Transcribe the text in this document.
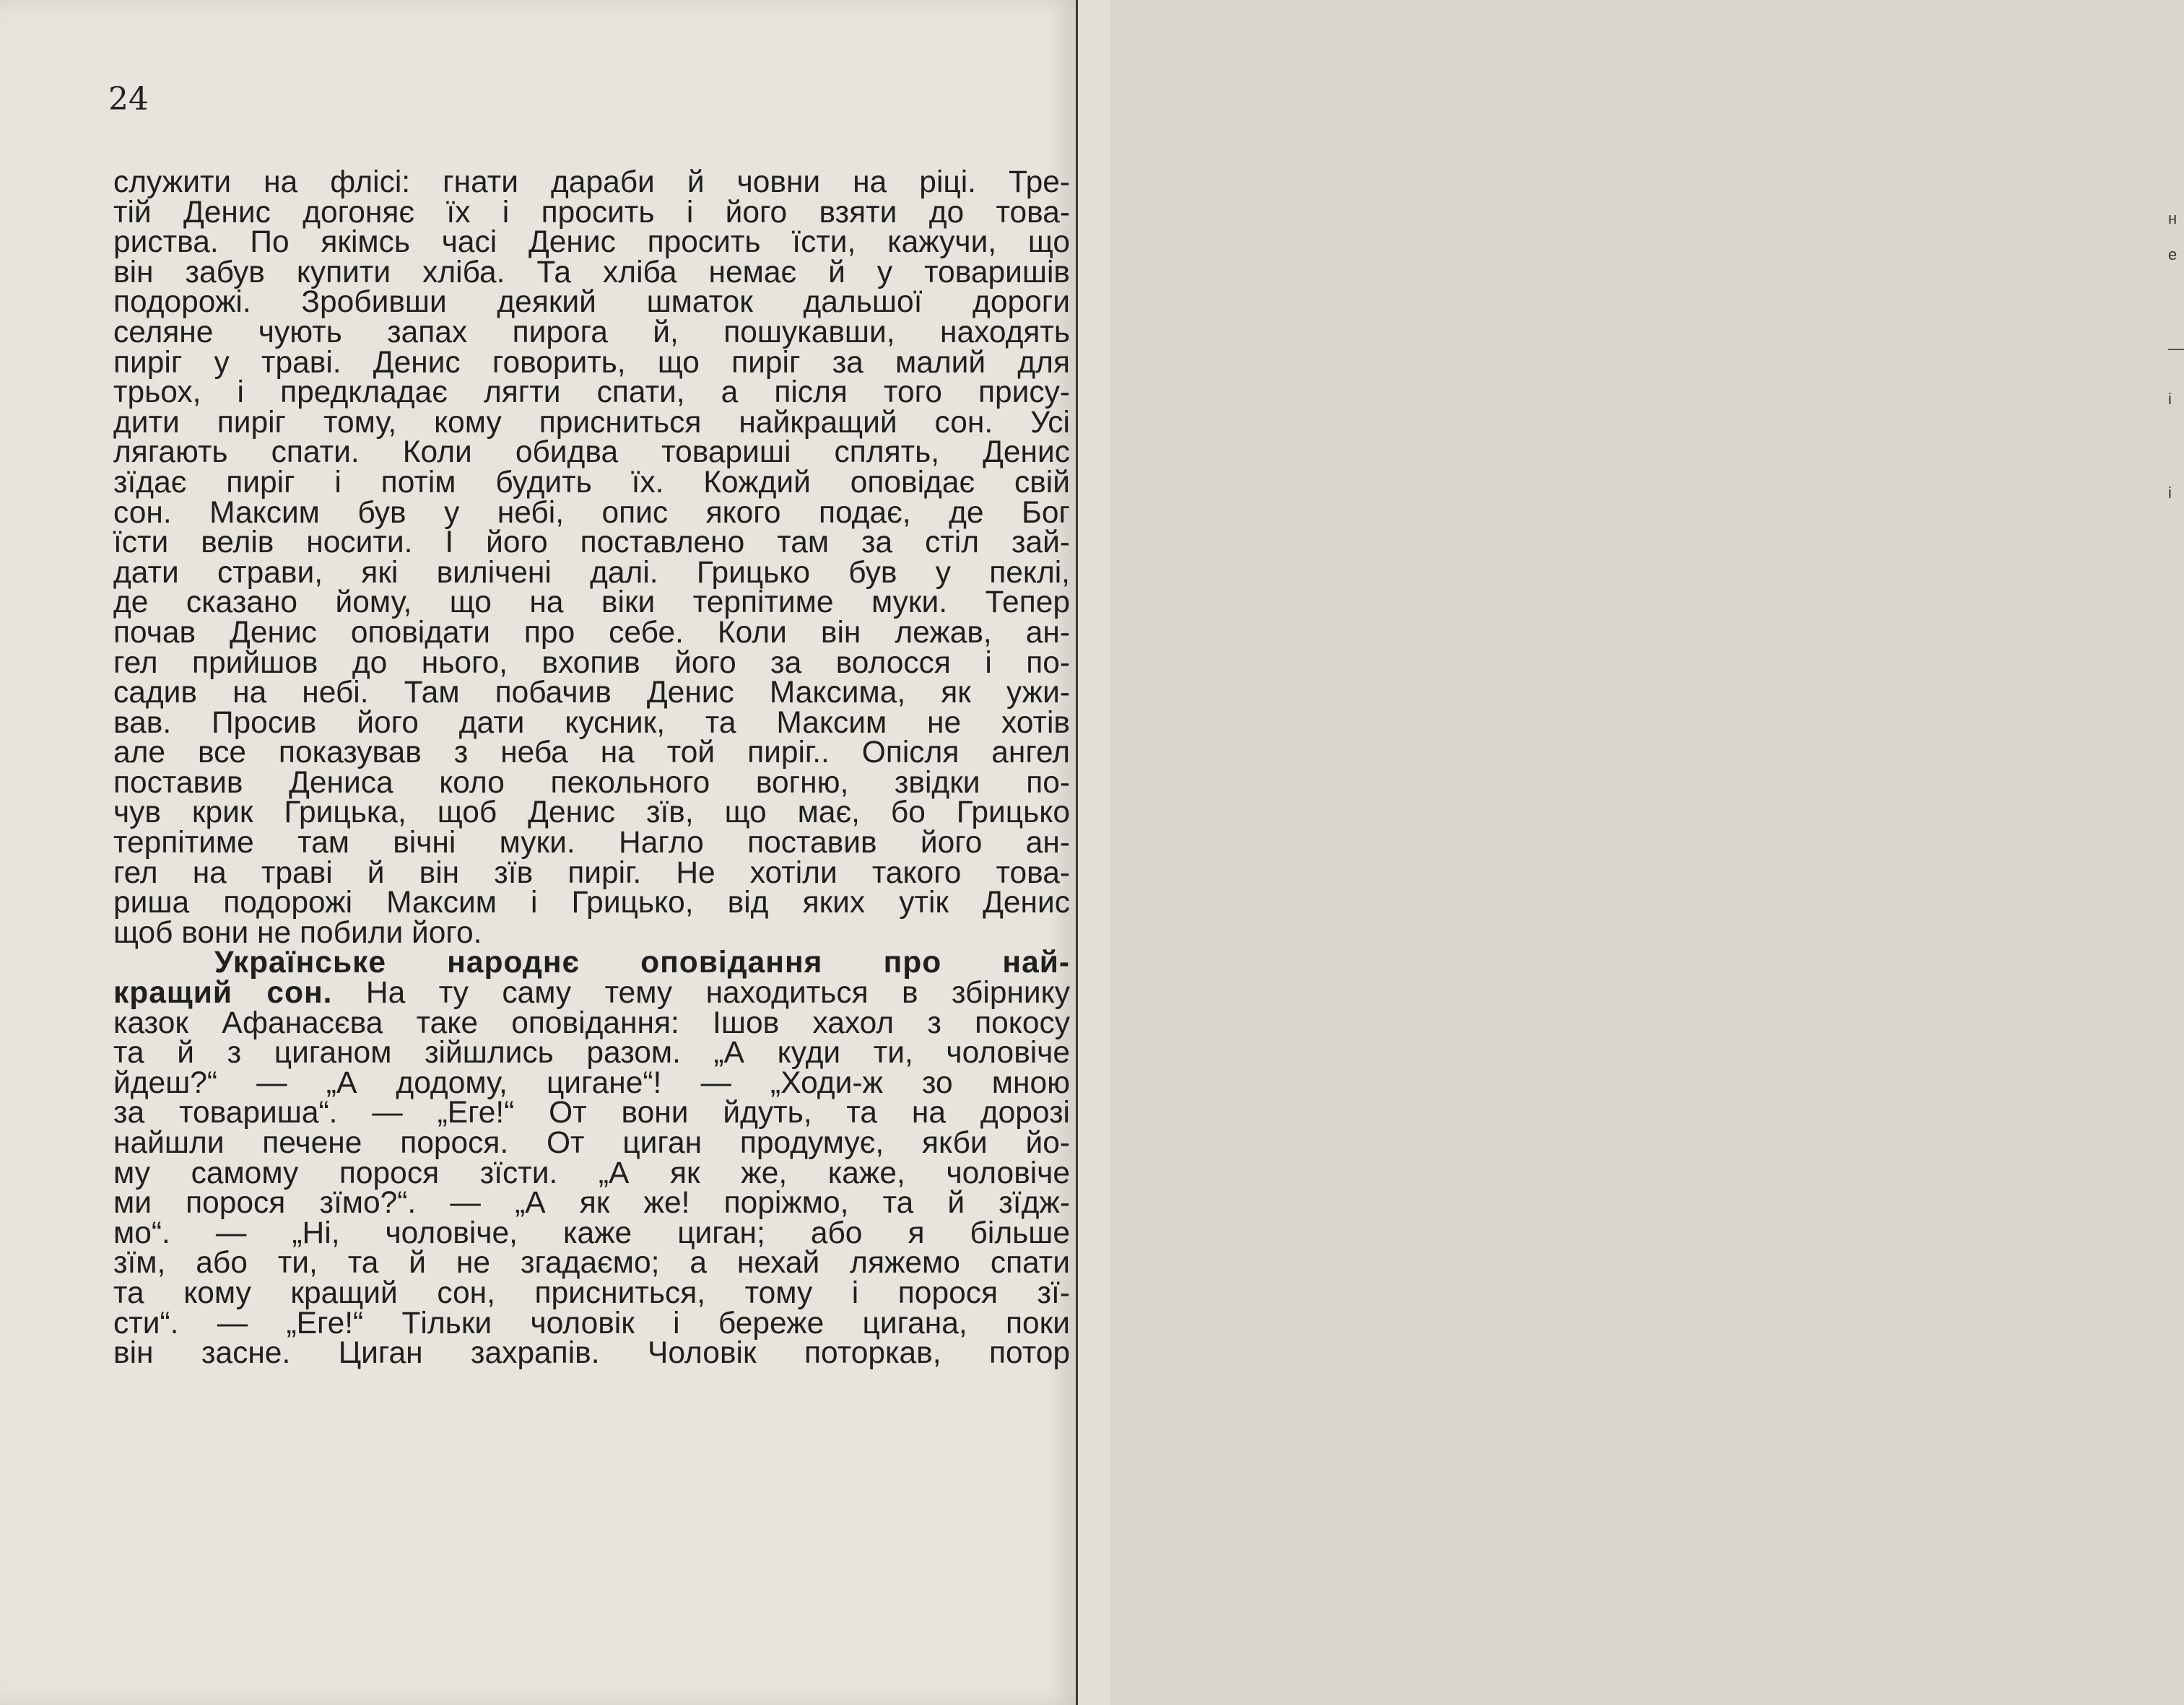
24
служити на флісі: гнати дараби й човни на ріці. Тре-
тій Денис догоняє їх і просить і його взяти до това-
риства. По якімсь часі Денис просить їсти, кажучи, що
він забув купити хліба. Та хліба немає й у товаришів
подорожі. Зробивши деякий шматок дальшої дороги
селяне чують запах пирога й, пошукавши, находять
пиріг у траві. Денис говорить, що пиріг за малий для
трьох, і предкладає лягти спати, а після того прису-
дити пиріг тому, кому присниться найкращий сон. Усі
лягають спати. Коли обидва товариші сплять, Денис
зїдає пиріг і потім будить їх. Кождий оповідає свій
сон. Максим був у небі, опис якого подає, де Бог
їсти велів носити. І його поставлено там за стіл зай-
дати страви, які вилічені далі. Грицько був у пеклі,
де сказано йому, що на віки терпітиме муки. Тепер
почав Денис оповідати про себе. Коли він лежав, ан-
гел прийшов до нього, вхопив його за волосся і по-
садив на небі. Там побачив Денис Максима, як ужи-
вав. Просив його дати кусник, та Максим не хотів
але все показував з неба на той пиріг.. Опісля ангел
поставив Дениса коло пекольного вогню, звідки по-
чув крик Грицька, щоб Денис зїв, що має, бо Грицько
терпітиме там вічні муки. Нагло поставив його ан-
гел на траві й він зїв пиріг. Не хотіли такого това-
риша подорожі Максим і Грицько, від яких утік Денис
щоб вони не побили його.
Українське народнє оповідання про най-
кращий сон. На ту саму тему находиться в збірнику
казок Афанасєва таке оповідання: Ішов хахол з покосу
та й з циганом зійшлись разом. „А куди ти, чоловіче
йдеш?“ — „А додому, цигане“! — „Ходи-ж зо мною
за товариша“. — „Еге!“ От вони йдуть, та на дорозі
найшли печене порося. От циган продумує, якби йо-
му самому порося зїсти. „А як же, каже, чоловіче
ми порося зїмо?“. — „А як же! поріжмо, та й зїдж-
мо“. — „Ні, чоловіче, каже циган; або я більше
зїм, або ти, та й не згадаємо; а нехай ляжемо спати
та кому кращий сон, присниться, тому і порося зї-
сти“. — „Еге!“ Тільки чоловік і береже цигана, поки
він засне. Циган захрапів. Чоловік поторкав, потор
н
е
—
і
і
